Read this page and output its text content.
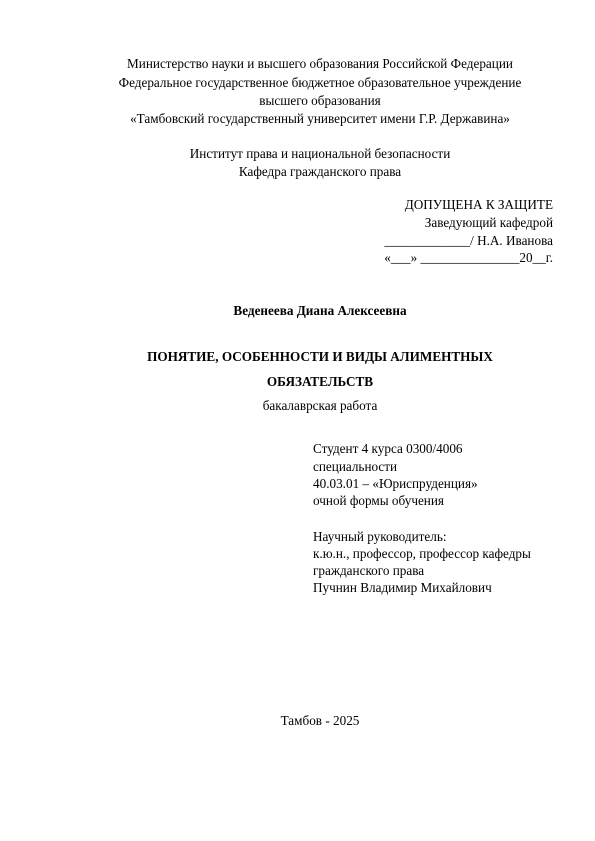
Министерство науки и высшего образования Российской Федерации
Федеральное государственное бюджетное образовательное учреждение
высшего образования
«Тамбовский государственный университет имени Г.Р. Державина»
Институт права и национальной безопасности
Кафедра гражданского права
ДОПУЩЕНА К ЗАЩИТЕ
Заведующий кафедрой
_____________/ Н.А. Иванова
«___» _______________20__г.
Веденеева Диана Алексеевна
ПОНЯТИЕ, ОСОБЕННОСТИ И ВИДЫ АЛИМЕНТНЫХ
ОБЯЗАТЕЛЬСТВ
бакалаврская работа
Студент 4 курса 0300/4006
специальности
40.03.01 – «Юриспруденция»
очной формы обучения
Научный руководитель:
к.ю.н., профессор, профессор кафедры
гражданского права
Пучнин Владимир Михайлович
Тамбов - 2025
